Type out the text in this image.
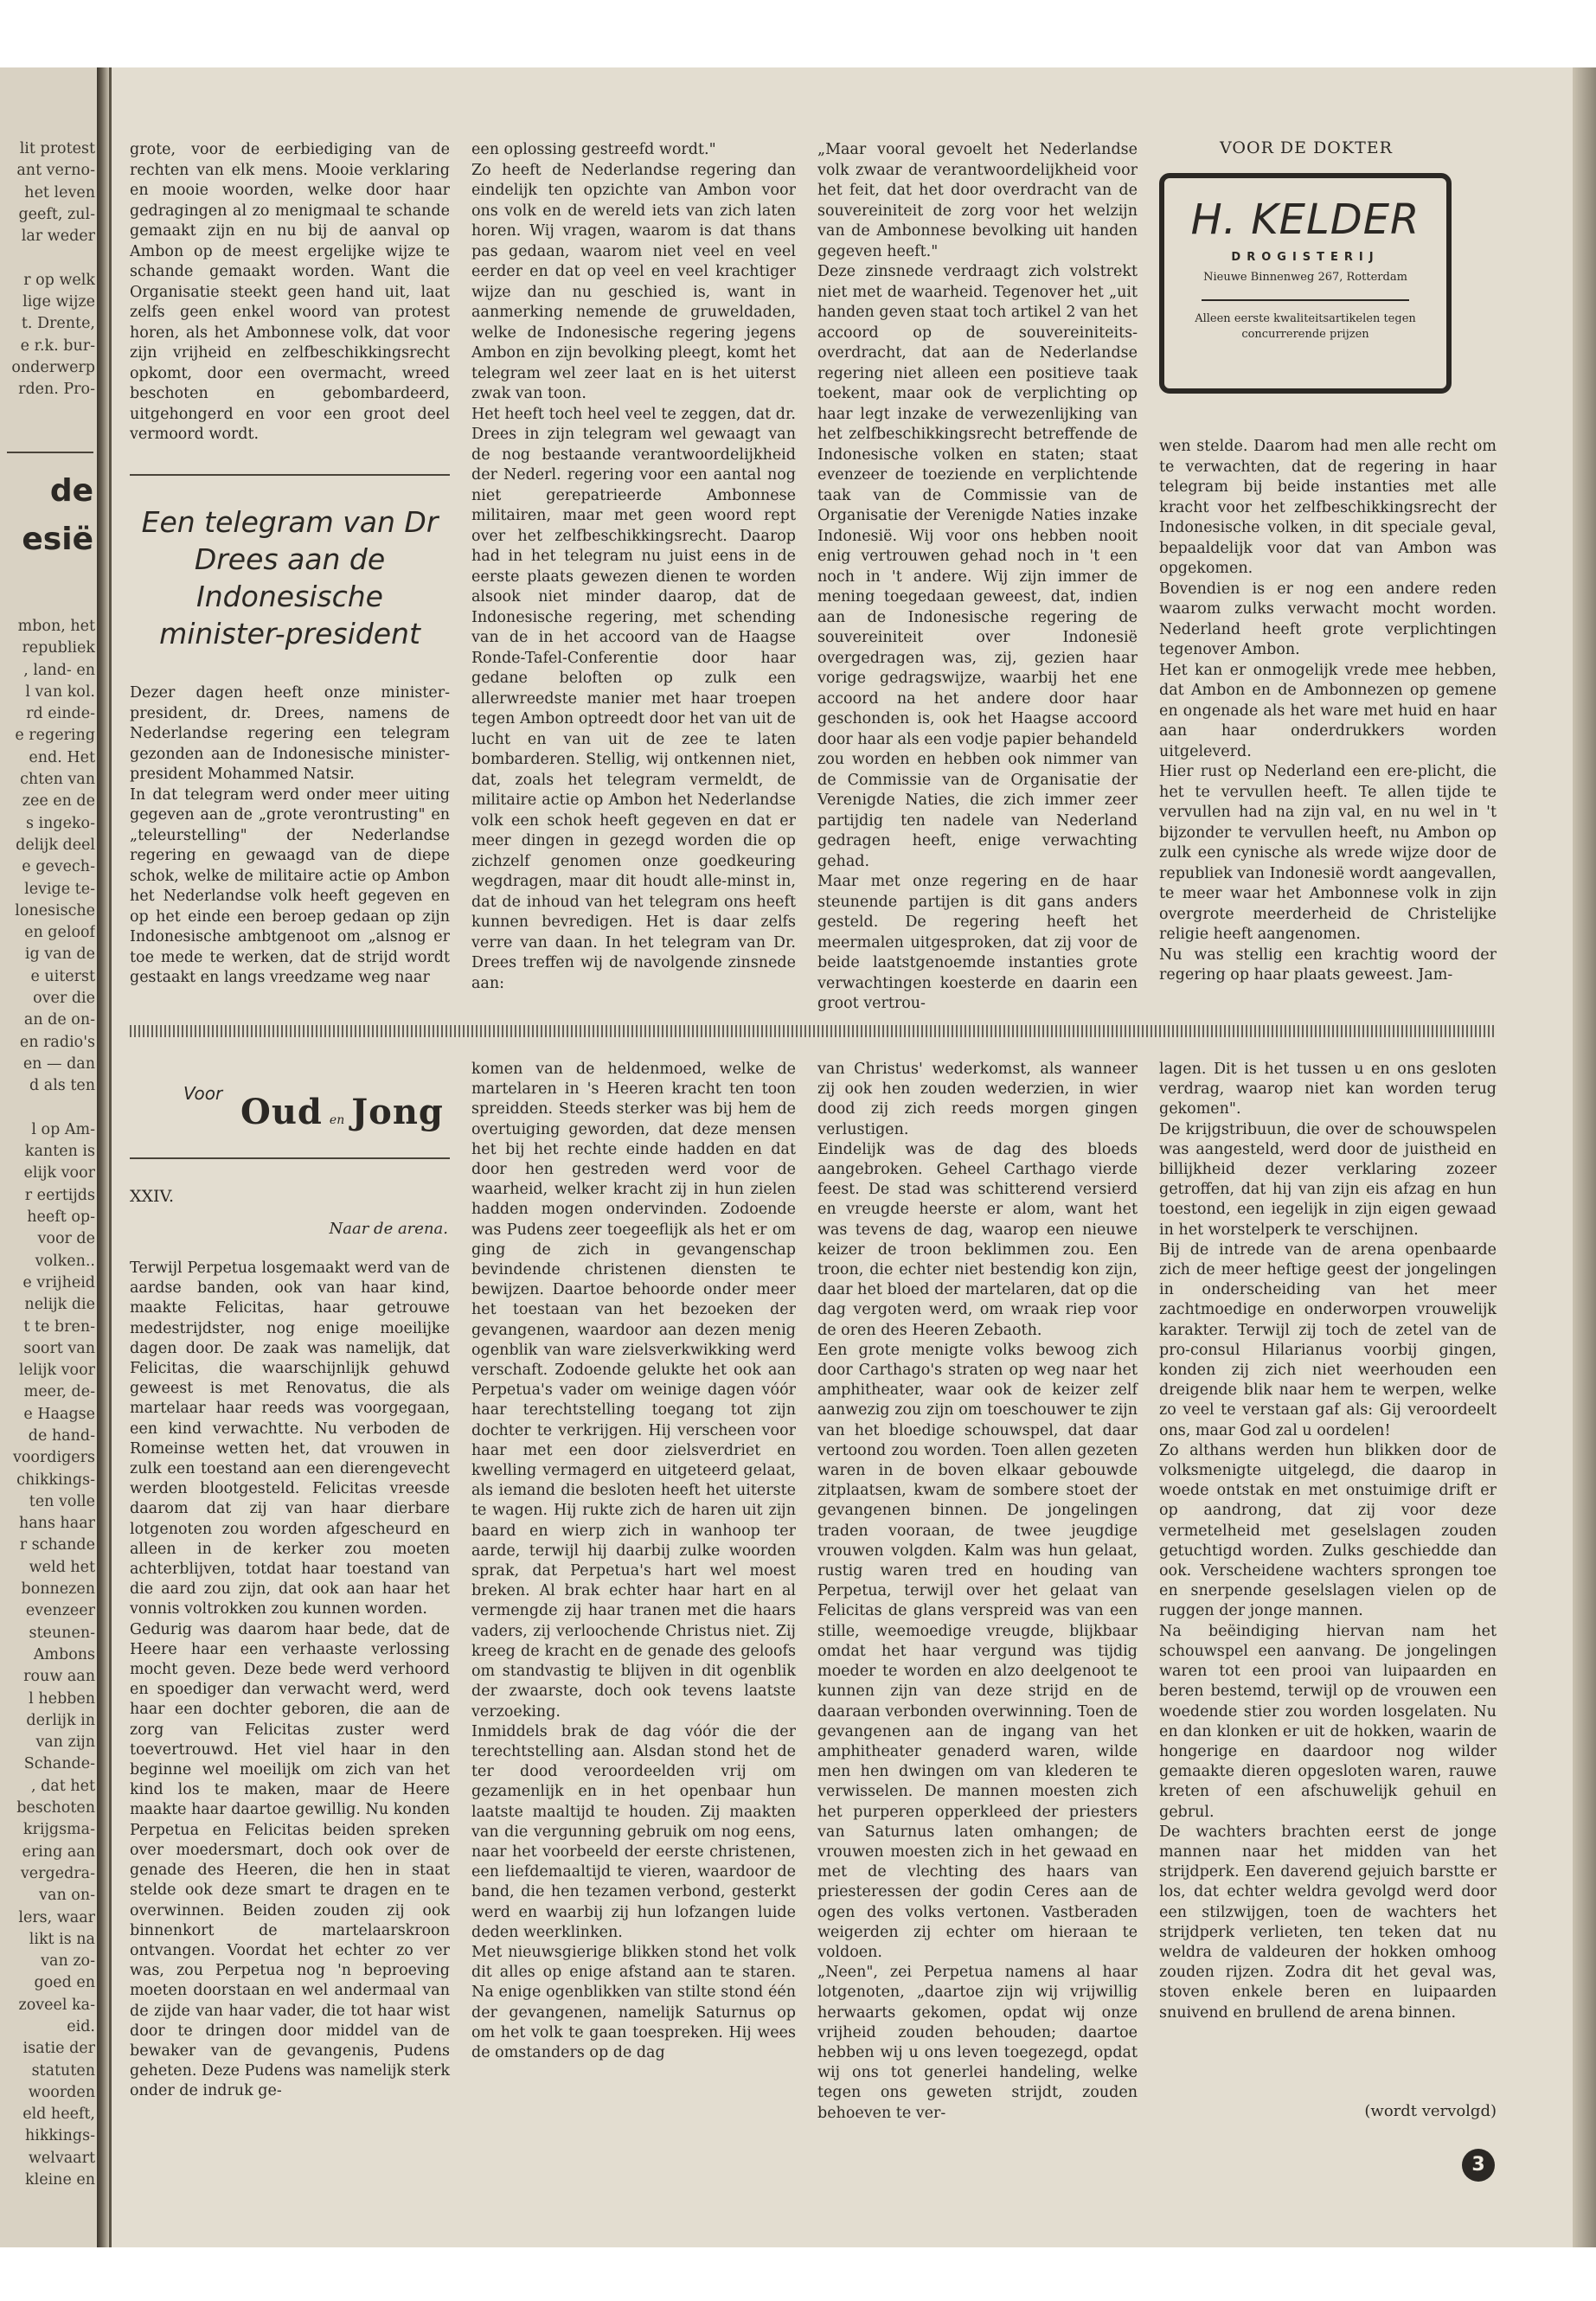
lit protest
ant verno-
het leven
geeft, zul-
lar weder

r op welk
lige wijze
t. Drente,
e r.k. bur-
onderwerp
rden. Pro-
de
esië
mbon, het
republiek
, land- en
l van kol.
rd einde-
e regering
end. Het
chten van
zee en de
s ingeko-
delijk deel
e gevech-
levige te-
lonesische
en geloof
ig van de
e uiterst
over die
an de on-
en radio's
en — dan
d als ten

l op Am-
kanten is
elijk voor
r eertijds
heeft op-
voor de
volken..
e vrijheid
nelijk die
t te bren-
soort van
lelijk voor
meer, de-
e Haagse
de hand-
voordigers
chikkings-
ten volle
hans haar
r schande
weld het
bonnezen
evenzeer
steunen-
Ambons
rouw aan
l hebben
derlijk in
van zijn
Schande-
, dat het
beschoten
krijgsma-
ering aan
vergedra-
van on-
lers, waar
likt is na
van zo-
goed en
zoveel ka-
eid.
isatie der
statuten
woorden
eld heeft,
hikkings-
welvaart
kleine en

grote, voor de eerbiediging van de rechten van elk mens. Mooie verklaring en mooie woorden, welke door haar gedragingen al zo menigmaal te schande gemaakt zijn en nu bij de aanval op Ambon op de meest ergelijke wijze te schande gemaakt worden. Want die Organisatie steekt geen hand uit, laat zelfs geen enkel woord van protest horen, als het Ambonnese volk, dat voor zijn vrijheid en zelfbeschikkingsrecht opkomt, door een overmacht, wreed beschoten en gebombardeerd, uitgehongerd en voor een groot deel vermoord wordt.

Een telegram van Dr Drees aan de Indonesische minister-president

Dezer dagen heeft onze minister-president, dr. Drees, namens de Nederlandse regering een telegram gezonden aan de Indonesische minister-president Mohammed Natsir.

In dat telegram werd onder meer uiting gegeven aan de „grote verontrusting" en „teleurstelling" der Nederlandse regering en gewaagd van de diepe schok, welke de militaire actie op Ambon het Nederlandse volk heeft gegeven en op het einde een beroep gedaan op zijn Indonesische ambtgenoot om „alsnog er toe mede te werken, dat de strijd wordt gestaakt en langs vreedzame weg naar

een oplossing gestreefd wordt."

Zo heeft de Nederlandse regering dan eindelijk ten opzichte van Ambon voor ons volk en de wereld iets van zich laten horen. Wij vragen, waarom is dat thans pas gedaan, waarom niet veel en veel eerder en dat op veel en veel krachtiger wijze dan nu geschied is, want in aanmerking nemende de gruweldaden, welke de Indonesische regering jegens Ambon en zijn bevolking pleegt, komt het telegram wel zeer laat en is het uiterst zwak van toon.

Het heeft toch heel veel te zeggen, dat dr. Drees in zijn telegram wel gewaagt van de nog bestaande verantwoordelijkheid der Nederl. regering voor een aantal nog niet gerepatrieerde Ambonnese militairen, maar met geen woord rept over het zelfbeschikkingsrecht. Daarop had in het telegram nu juist eens in de eerste plaats gewezen dienen te worden alsook niet minder daarop, dat de Indonesische regering, met schending van de in het accoord van de Haagse Ronde-Tafel-Conferentie door haar gedane beloften op zulk een allerwreedste manier met haar troepen tegen Ambon optreedt door het van uit de lucht en van uit de zee te laten bombarderen. Stellig, wij ontkennen niet, dat, zoals het telegram vermeldt, de militaire actie op Ambon het Nederlandse volk een schok heeft gegeven en dat er meer dingen in gezegd worden die op zichzelf genomen onze goedkeuring wegdragen, maar dit houdt alle-minst in, dat de inhoud van het telegram ons heeft kunnen bevredigen. Het is daar zelfs verre van daan. In het telegram van Dr. Drees treffen wij de navolgende zinsnede aan:

„Maar vooral gevoelt het Nederlandse volk zwaar de verantwoordelijkheid voor het feit, dat het door overdracht van de souvereiniteit de zorg voor het welzijn van de Ambonnese bevolking uit handen gegeven heeft."

Deze zinsnede verdraagt zich volstrekt niet met de waarheid. Tegenover het „uit handen geven staat toch artikel 2 van het accoord op de souvereiniteits-overdracht, dat aan de Nederlandse regering niet alleen een positieve taak toekent, maar ook de verplichting op haar legt inzake de verwezenlijking van het zelfbeschikkingsrecht betreffende de Indonesische volken en staten; staat evenzeer de toeziende en verplichtende taak van de Commissie van de Organisatie der Verenigde Naties inzake Indonesië. Wij voor ons hebben nooit enig vertrouwen gehad noch in 't een noch in 't andere. Wij zijn immer de mening toegedaan geweest, dat, indien aan de Indonesische regering de souvereiniteit over Indonesië overgedragen was, zij, gezien haar vorige gedragswijze, waarbij het ene accoord na het andere door haar geschonden is, ook het Haagse accoord door haar als een vodje papier behandeld zou worden en hebben ook nimmer van de Commissie van de Organisatie der Verenigde Naties, die zich immer zeer partijdig ten nadele van Nederland gedragen heeft, enige verwachting gehad.

Maar met onze regering en de haar steunende partijen is dit gans anders gesteld. De regering heeft het meermalen uitgesproken, dat zij voor de beide laatstgenoemde instanties grote verwachtingen koesterde en daarin een groot vertrou-

VOOR DE DOKTER
H. KELDER
DROGISTERIJ
Nieuwe Binnenweg 267, Rotterdam
Alleen eerste kwaliteitsartikelen tegen concurrerende prijzen

wen stelde. Daarom had men alle recht om te verwachten, dat de regering in haar telegram bij beide instanties met alle kracht voor het zelfbeschikkingsrecht der Indonesische volken, in dit speciale geval, bepaaldelijk voor dat van Ambon was opgekomen.

Bovendien is er nog een andere reden waarom zulks verwacht mocht worden. Nederland heeft grote verplichtingen tegenover Ambon.

Het kan er onmogelijk vrede mee hebben, dat Ambon en de Ambonnezen op gemene en ongenade als het ware met huid en haar aan haar onderdrukkers worden uitgeleverd.

Hier rust op Nederland een ere-plicht, die het te vervullen heeft. Te allen tijde te vervullen had na zijn val, en nu wel in 't bijzonder te vervullen heeft, nu Ambon op zulk een cynische als wrede wijze door de republiek van Indonesië wordt aangevallen, te meer waar het Ambonnese volk in zijn overgrote meerderheid de Christelijke religie heeft aangenomen.

Nu was stellig een krachtig woord der regering op haar plaats geweest. Jam-

Voor Oud en Jong
XXIV.
Naar de arena.

Terwijl Perpetua losgemaakt werd van de aardse banden, ook van haar kind, maakte Felicitas, haar getrouwe medestrijdster, nog enige moeilijke dagen door. De zaak was namelijk, dat Felicitas, die waarschijnlijk gehuwd geweest is met Renovatus, die als martelaar haar reeds was voorgegaan, een kind verwachtte. Nu verboden de Romeinse wetten het, dat vrouwen in zulk een toestand aan een dierengevecht werden blootgesteld. Felicitas vreesde daarom dat zij van haar dierbare lotgenoten zou worden afgescheurd en alleen in de kerker zou moeten achterblijven, totdat haar toestand van die aard zou zijn, dat ook aan haar het vonnis voltrokken zou kunnen worden.

Gedurig was daarom haar bede, dat de Heere haar een verhaaste verlossing mocht geven. Deze bede werd verhoord en spoediger dan verwacht werd, werd haar een dochter geboren, die aan de zorg van Felicitas zuster werd toevertrouwd. Het viel haar in den beginne wel moeilijk om zich van het kind los te maken, maar de Heere maakte haar daartoe gewillig. Nu konden Perpetua en Felicitas beiden spreken over moedersmart, doch ook over de genade des Heeren, die hen in staat stelde ook deze smart te dragen en te overwinnen. Beiden zouden zij ook binnenkort de martelaarskroon ontvangen. Voordat het echter zo ver was, zou Perpetua nog 'n beproeving moeten doorstaan en wel andermaal van de zijde van haar vader, die tot haar wist door te dringen door middel van de bewaker van de gevangenis, Pudens geheten. Deze Pudens was namelijk sterk onder de indruk ge-

komen van de heldenmoed, welke de martelaren in 's Heeren kracht ten toon spreidden. Steeds sterker was bij hem de overtuiging geworden, dat deze mensen het bij het rechte einde hadden en dat door hen gestreden werd voor de waarheid, welker kracht zij in hun zielen hadden mogen ondervinden. Zodoende was Pudens zeer toegeeflijk als het er om ging de zich in gevangenschap bevindende christenen diensten te bewijzen. Daartoe behoorde onder meer het toestaan van het bezoeken der gevangenen, waardoor aan dezen menig ogenblik van ware zielsverkwikking werd verschaft. Zodoende gelukte het ook aan Perpetua's vader om weinige dagen vóór haar terechtstelling toegang tot zijn dochter te verkrijgen. Hij verscheen voor haar met een door zielsverdriet en kwelling vermagerd en uitgeteerd gelaat, als iemand die besloten heeft het uiterste te wagen. Hij rukte zich de haren uit zijn baard en wierp zich in wanhoop ter aarde, terwijl hij daarbij zulke woorden sprak, dat Perpetua's hart wel moest breken. Al brak echter haar hart en al vermengde zij haar tranen met die haars vaders, zij verloochende Christus niet. Zij kreeg de kracht en de genade des geloofs om standvastig te blijven in dit ogenblik der zwaarste, doch ook tevens laatste verzoeking.

Inmiddels brak de dag vóór die der terechtstelling aan. Alsdan stond het de ter dood veroordeelden vrij om gezamenlijk en in het openbaar hun laatste maaltijd te houden. Zij maakten van die vergunning gebruik om nog eens, naar het voorbeeld der eerste christenen, een liefdemaaltijd te vieren, waardoor de band, die hen tezamen verbond, gesterkt werd en waarbij zij hun lofzangen luide deden weerklinken.

Met nieuwsgierige blikken stond het volk dit alles op enige afstand aan te staren. Na enige ogenblikken van stilte stond één der gevangenen, namelijk Saturnus op om het volk te gaan toespreken. Hij wees de omstanders op de dag

van Christus' wederkomst, als wanneer zij ook hen zouden wederzien, in wier dood zij zich reeds morgen gingen verlustigen.

Eindelijk was de dag des bloeds aangebroken. Geheel Carthago vierde feest. De stad was schitterend versierd en vreugde heerste er alom, want het was tevens de dag, waarop een nieuwe keizer de troon beklimmen zou. Een troon, die echter niet bestendig kon zijn, daar het bloed der martelaren, dat op die dag vergoten werd, om wraak riep voor de oren des Heeren Zebaoth.

Een grote menigte volks bewoog zich door Carthago's straten op weg naar het amphitheater, waar ook de keizer zelf aanwezig zou zijn om toeschouwer te zijn van het bloedige schouwspel, dat daar vertoond zou worden. Toen allen gezeten waren in de boven elkaar gebouwde zitplaatsen, kwam de sombere stoet der gevangenen binnen. De jongelingen traden vooraan, de twee jeugdige vrouwen volgden. Kalm was hun gelaat, rustig waren tred en houding van Perpetua, terwijl over het gelaat van Felicitas de glans verspreid was van een stille, weemoedige vreugde, blijkbaar omdat het haar vergund was tijdig moeder te worden en alzo deelgenoot te kunnen zijn van deze strijd en de daaraan verbonden overwinning. Toen de gevangenen aan de ingang van het amphitheater genaderd waren, wilde men hen dwingen om van klederen te verwisselen. De mannen moesten zich het purperen opperkleed der priesters van Saturnus laten omhangen; de vrouwen moesten zich in het gewaad en met de vlechting des haars van priesteressen der godin Ceres aan de ogen des volks vertonen. Vastberaden weigerden zij echter om hieraan te voldoen.

„Neen", zei Perpetua namens al haar lotgenoten, „daartoe zijn wij vrijwillig herwaarts gekomen, opdat wij onze vrijheid zouden behouden; daartoe hebben wij u ons leven toegezegd, opdat wij ons tot generlei handeling, welke tegen ons geweten strijdt, zouden behoeven te ver-

lagen. Dit is het tussen u en ons gesloten verdrag, waarop niet kan worden terug gekomen".

De krijgstribuun, die over de schouwspelen was aangesteld, werd door de juistheid en billijkheid dezer verklaring zozeer getroffen, dat hij van zijn eis afzag en hun toestond, een iegelijk in zijn eigen gewaad in het worstelperk te verschijnen.

Bij de intrede van de arena openbaarde zich de meer heftige geest der jongelingen in onderscheiding van het meer zachtmoedige en onderworpen vrouwelijk karakter. Terwijl zij toch de zetel van de pro-consul Hilarianus voorbij gingen, konden zij zich niet weerhouden een dreigende blik naar hem te werpen, welke zo veel te verstaan gaf als: Gij veroordeelt ons, maar God zal u oordelen!

Zo althans werden hun blikken door de volksmenigte uitgelegd, die daarop in woede ontstak en met onstuimige drift er op aandrong, dat zij voor deze vermetelheid met geselslagen zouden getuchtigd worden. Zulks geschiedde dan ook. Verscheidene wachters sprongen toe en snerpende geselslagen vielen op de ruggen der jonge mannen.

Na beëindiging hiervan nam het schouwspel een aanvang. De jongelingen waren tot een prooi van luipaarden en beren bestemd, terwijl op de vrouwen een woedende stier zou worden losgelaten. Nu en dan klonken er uit de hokken, waarin de hongerige en daardoor nog wilder gemaakte dieren opgesloten waren, rauwe kreten of een afschuwelijk gehuil en gebrul.

De wachters brachten eerst de jonge mannen naar het midden van het strijdperk. Een daverend gejuich barstte er los, dat echter weldra gevolgd werd door een stilzwijgen, toen de wachters het strijdperk verlieten, ten teken dat nu weldra de valdeuren der hokken omhoog zouden rijzen. Zodra dit het geval was, stoven enkele beren en luipaarden snuivend en brullend de arena binnen.

(wordt vervolgd)
3
